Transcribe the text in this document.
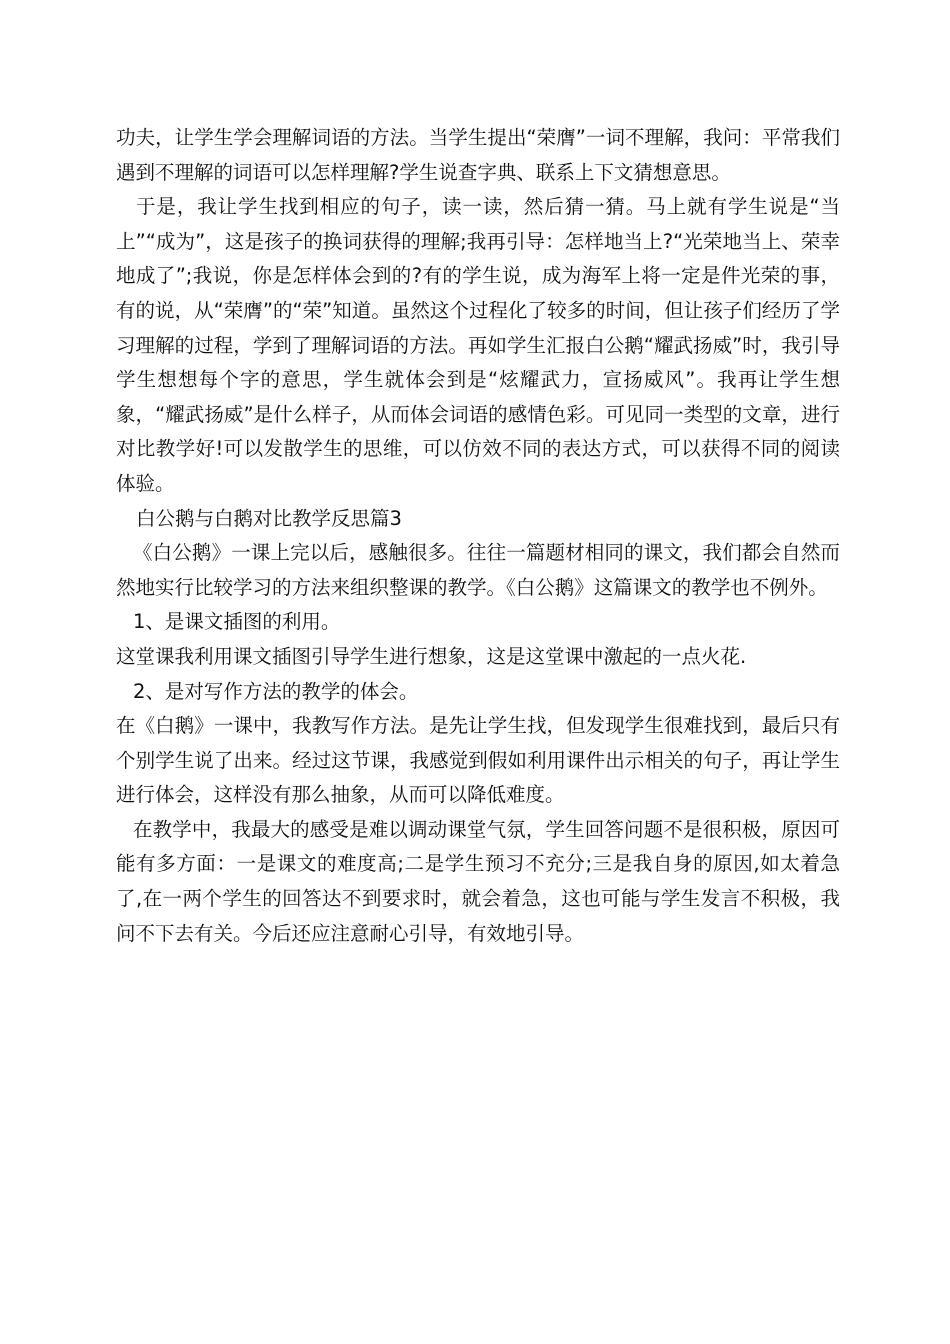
功夫，让学生学会理解词语的方法。当学生提出“荣膺”一词不理解，我问：平常我们遇到不理解的词语可以怎样理解?学生说查字典、联系上下文猜想意思。

于是，我让学生找到相应的句子，读一读，然后猜一猜。马上就有学生说是“当上”“成为”，这是孩子的换词获得的理解;我再引导：怎样地当上?“光荣地当上、荣幸地成了”;我说，你是怎样体会到的?有的学生说，成为海军上将一定是件光荣的事，有的说，从“荣膺”的“荣”知道。虽然这个过程化了较多的时间，但让孩子们经历了学习理解的过程，学到了理解词语的方法。再如学生汇报白公鹅“耀武扬威”时，我引导学生想想每个字的意思，学生就体会到是“炫耀武力，宣扬威风”。我再让学生想象，“耀武扬威”是什么样子，从而体会词语的感情色彩。可见同一类型的文章，进行对比教学好!可以发散学生的思维，可以仿效不同的表达方式，可以获得不同的阅读体验。

白公鹅与白鹅对比教学反思篇3

《白公鹅》一课上完以后，感触很多。往往一篇题材相同的课文，我们都会自然而然地实行比较学习的方法来组织整课的教学。《白公鹅》这篇课文的教学也不例外。

1、是课文插图的利用。

这堂课我利用课文插图引导学生进行想象，这是这堂课中激起的一点火花.

2、是对写作方法的教学的体会。

在《白鹅》一课中，我教写作方法。是先让学生找，但发现学生很难找到，最后只有个别学生说了出来。经过这节课，我感觉到假如利用课件出示相关的句子，再让学生进行体会，这样没有那么抽象，从而可以降低难度。

在教学中，我最大的感受是难以调动课堂气氛，学生回答问题不是很积极，原因可能有多方面：一是课文的难度高;二是学生预习不充分;三是我自身的原因,如太着急了,在一两个学生的回答达不到要求时，就会着急，这也可能与学生发言不积极，我问不下去有关。今后还应注意耐心引导，有效地引导。
